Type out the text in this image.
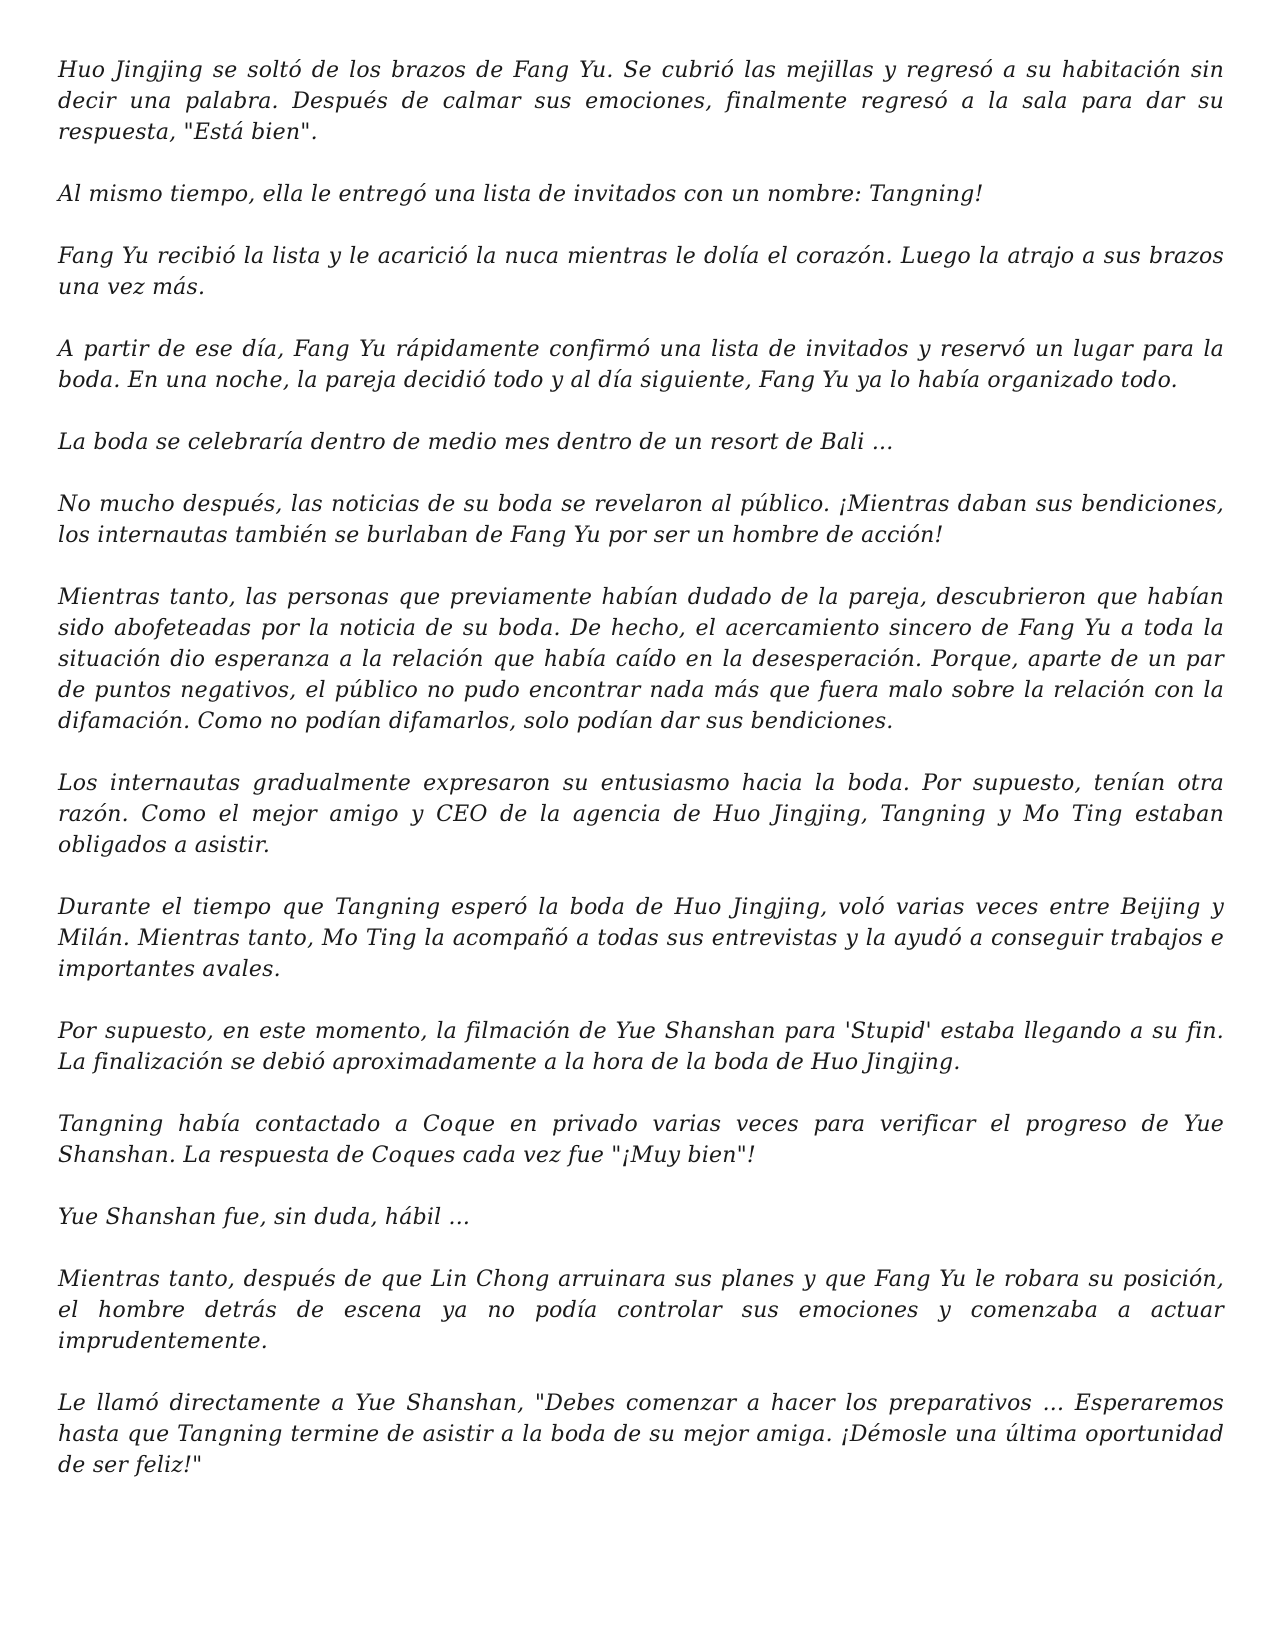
Huo Jingjing se soltó de los brazos de Fang Yu. Se cubrió las mejillas y regresó a su habitación sin decir una palabra. Después de calmar sus emociones, finalmente regresó a la sala para dar su respuesta, "Está bien".

Al mismo tiempo, ella le entregó una lista de invitados con un nombre: Tangning!

Fang Yu recibió la lista y le acarició la nuca mientras le dolía el corazón. Luego la atrajo a sus brazos una vez más.

A partir de ese día, Fang Yu rápidamente confirmó una lista de invitados y reservó un lugar para la boda. En una noche, la pareja decidió todo y al día siguiente, Fang Yu ya lo había organizado todo.

La boda se celebraría dentro de medio mes dentro de un resort de Bali ...

No mucho después, las noticias de su boda se revelaron al público. ¡Mientras daban sus bendiciones, los internautas también se burlaban de Fang Yu por ser un hombre de acción!

Mientras tanto, las personas que previamente habían dudado de la pareja, descubrieron que habían sido abofeteadas por la noticia de su boda. De hecho, el acercamiento sincero de Fang Yu a toda la situación dio esperanza a la relación que había caído en la desesperación. Porque, aparte de un par de puntos negativos, el público no pudo encontrar nada más que fuera malo sobre la relación con la difamación. Como no podían difamarlos, solo podían dar sus bendiciones.

Los internautas gradualmente expresaron su entusiasmo hacia la boda. Por supuesto, tenían otra razón. Como el mejor amigo y CEO de la agencia de Huo Jingjing, Tangning y Mo Ting estaban obligados a asistir.

Durante el tiempo que Tangning esperó la boda de Huo Jingjing, voló varias veces entre Beijing y Milán. Mientras tanto, Mo Ting la acompañó a todas sus entrevistas y la ayudó a conseguir trabajos e importantes avales.

Por supuesto, en este momento, la filmación de Yue Shanshan para 'Stupid' estaba llegando a su fin. La finalización se debió aproximadamente a la hora de la boda de Huo Jingjing.

Tangning había contactado a Coque en privado varias veces para verificar el progreso de Yue Shanshan. La respuesta de Coques cada vez fue "¡Muy bien"!

Yue Shanshan fue, sin duda, hábil ...

Mientras tanto, después de que Lin Chong arruinara sus planes y que Fang Yu le robara su posición, el hombre detrás de escena ya no podía controlar sus emociones y comenzaba a actuar imprudentemente.

Le llamó directamente a Yue Shanshan, "Debes comenzar a hacer los preparativos ... Esperaremos hasta que Tangning termine de asistir a la boda de su mejor amiga. ¡Démosle una última oportunidad de ser feliz!"
